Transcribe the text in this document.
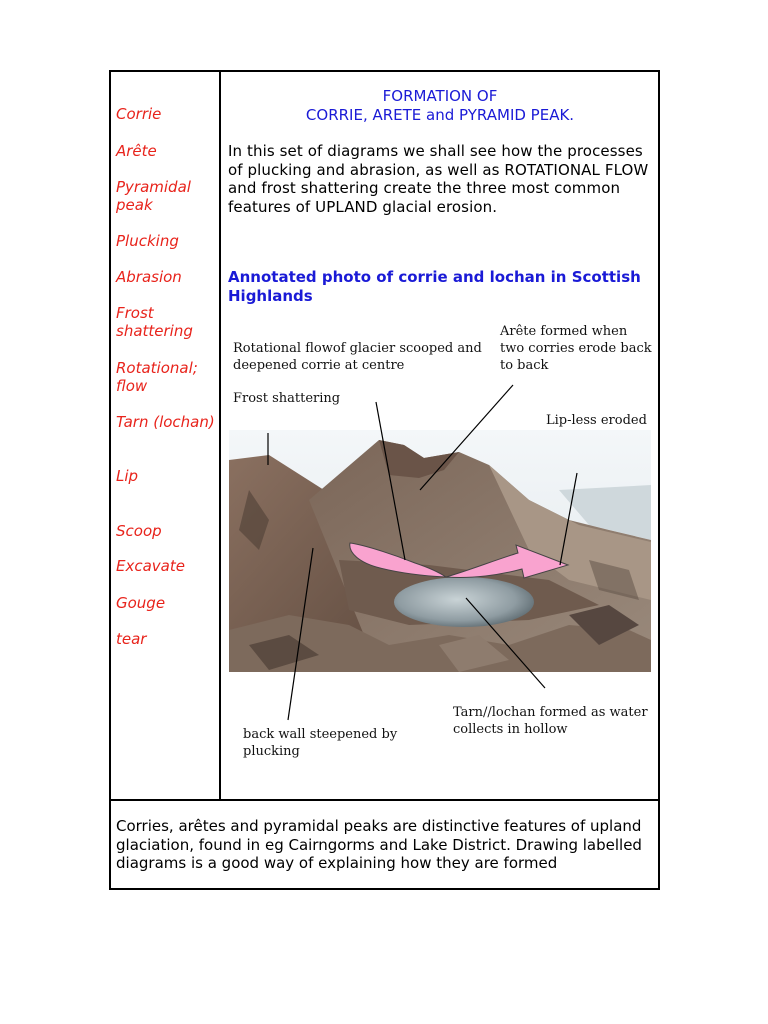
Corrie
Arête
Pyramidal peak
Plucking
Abrasion
Frost shattering
Rotational; flow
Tarn (lochan)
Lip
Scoop
Excavate
Gouge
tear
FORMATION OF
CORRIE, ARETE and PYRAMID PEAK.
In this set of diagrams we shall see how the processes of plucking and abrasion, as well as ROTATIONAL FLOW and frost shattering create the three most common features of UPLAND glacial erosion.
Annotated photo of corrie and lochan in Scottish Highlands
Rotational flowof glacier scooped and deepened corrie at centre
Arête formed when two corries erode back to back
Frost shattering
Lip-less eroded
Tarn//lochan formed as water collects in hollow
back wall steepened by plucking
Corries, arêtes and pyramidal peaks are distinctive features of upland glaciation, found in eg Cairngorms and Lake District. Drawing labelled diagrams is a good way of explaining how they are formed
